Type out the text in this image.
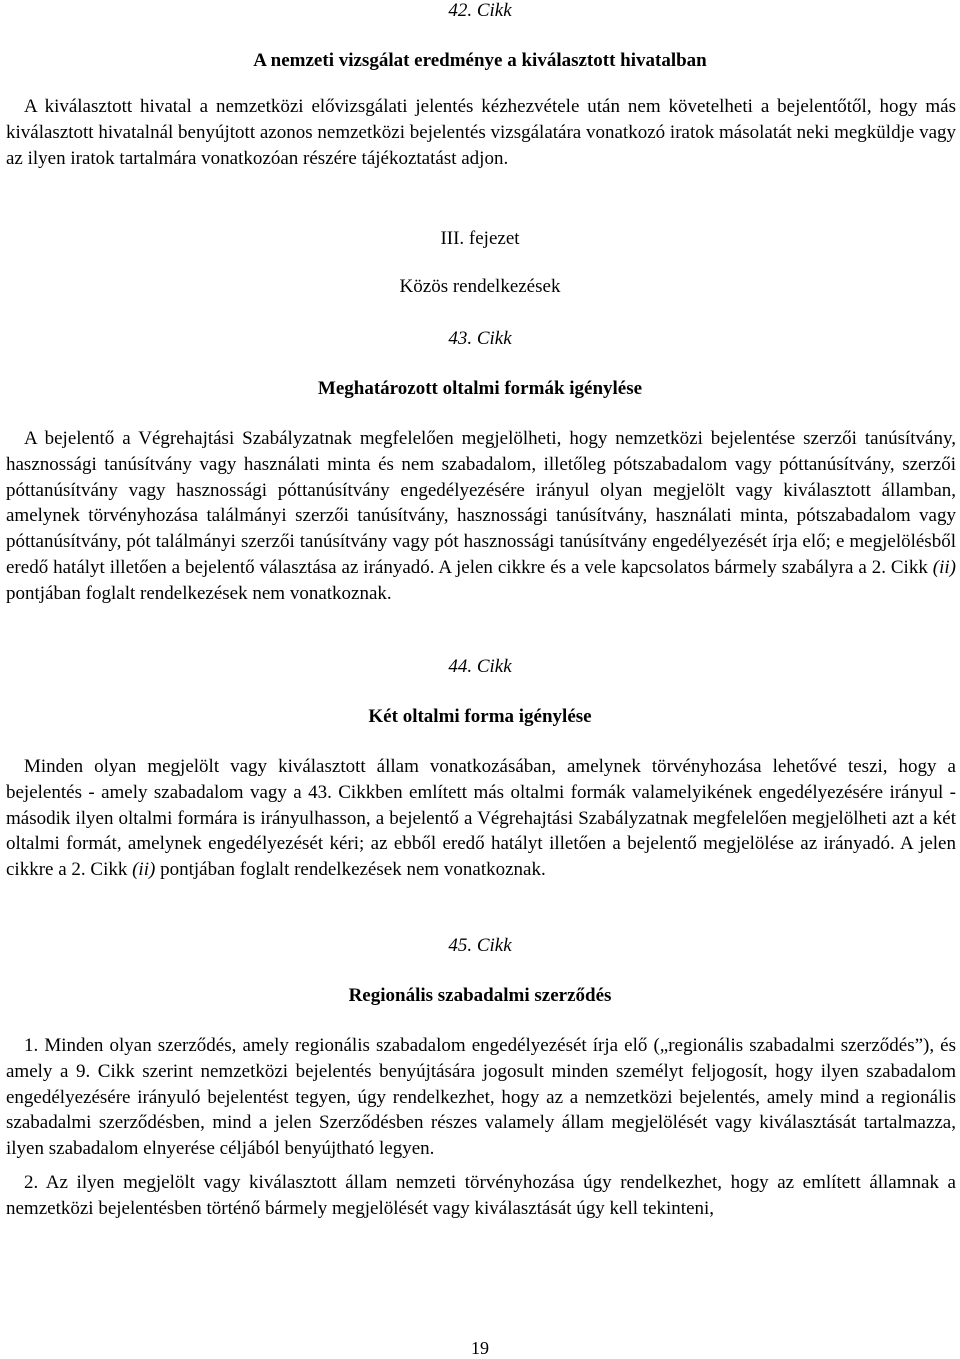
42. Cikk

A nemzeti vizsgálat eredménye a kiválasztott hivatalban

A kiválasztott hivatal a nemzetközi elővizsgálati jelentés kézhezvétele után nem követelheti a bejelentőtől, hogy más kiválasztott hivatalnál benyújtott azonos nemzetközi bejelentés vizsgálatára vonatkozó iratok másolatát neki megküldje vagy az ilyen iratok tartalmára vonatkozóan részére tájékoztatást adjon.

III. fejezet

Közös rendelkezések

43. Cikk

Meghatározott oltalmi formák igénylése

A bejelentő a Végrehajtási Szabályzatnak megfelelően megjelölheti, hogy nemzetközi bejelentése szerzői tanúsítvány, hasznossági tanúsítvány vagy használati minta és nem szabadalom, illetőleg pótszabadalom vagy póttanúsítvány, szerzői póttanúsítvány vagy hasznossági póttanúsítvány engedélyezésére irányul olyan megjelölt vagy kiválasztott államban, amelynek törvényhozása találmányi szerzői tanúsítvány, hasznossági tanúsítvány, használati minta, pótszabadalom vagy póttanúsítvány, pót találmányi szerzői tanúsítvány vagy pót hasznossági tanúsítvány engedélyezését írja elő; e megjelölésből eredő hatályt illetően a bejelentő választása az irányadó. A jelen cikkre és a vele kapcsolatos bármely szabályra a 2. Cikk (ii) pontjában foglalt rendelkezések nem vonatkoznak.

44. Cikk

Két oltalmi forma igénylése

Minden olyan megjelölt vagy kiválasztott állam vonatkozásában, amelynek törvényhozása lehetővé teszi, hogy a bejelentés - amely szabadalom vagy a 43. Cikkben említett más oltalmi formák valamelyikének engedélyezésére irányul - második ilyen oltalmi formára is irányulhasson, a bejelentő a Végrehajtási Szabályzatnak megfelelően megjelölheti azt a két oltalmi formát, amelynek engedélyezését kéri; az ebből eredő hatályt illetően a bejelentő megjelölése az irányadó. A jelen cikkre a 2. Cikk (ii) pontjában foglalt rendelkezések nem vonatkoznak.

45. Cikk

Regionális szabadalmi szerződés

1. Minden olyan szerződés, amely regionális szabadalom engedélyezését írja elő („regionális szabadalmi szerződés”), és amely a 9. Cikk szerint nemzetközi bejelentés benyújtására jogosult minden személyt feljogosít, hogy ilyen szabadalom engedélyezésére irányuló bejelentést tegyen, úgy rendelkezhet, hogy az a nemzetközi bejelentés, amely mind a regionális szabadalmi szerződésben, mind a jelen Szerződésben részes valamely állam megjelölését vagy kiválasztását tartalmazza, ilyen szabadalom elnyerése céljából benyújtható legyen.

2. Az ilyen megjelölt vagy kiválasztott állam nemzeti törvényhozása úgy rendelkezhet, hogy az említett államnak a nemzetközi bejelentésben történő bármely megjelölését vagy kiválasztását úgy kell tekinteni,

19
